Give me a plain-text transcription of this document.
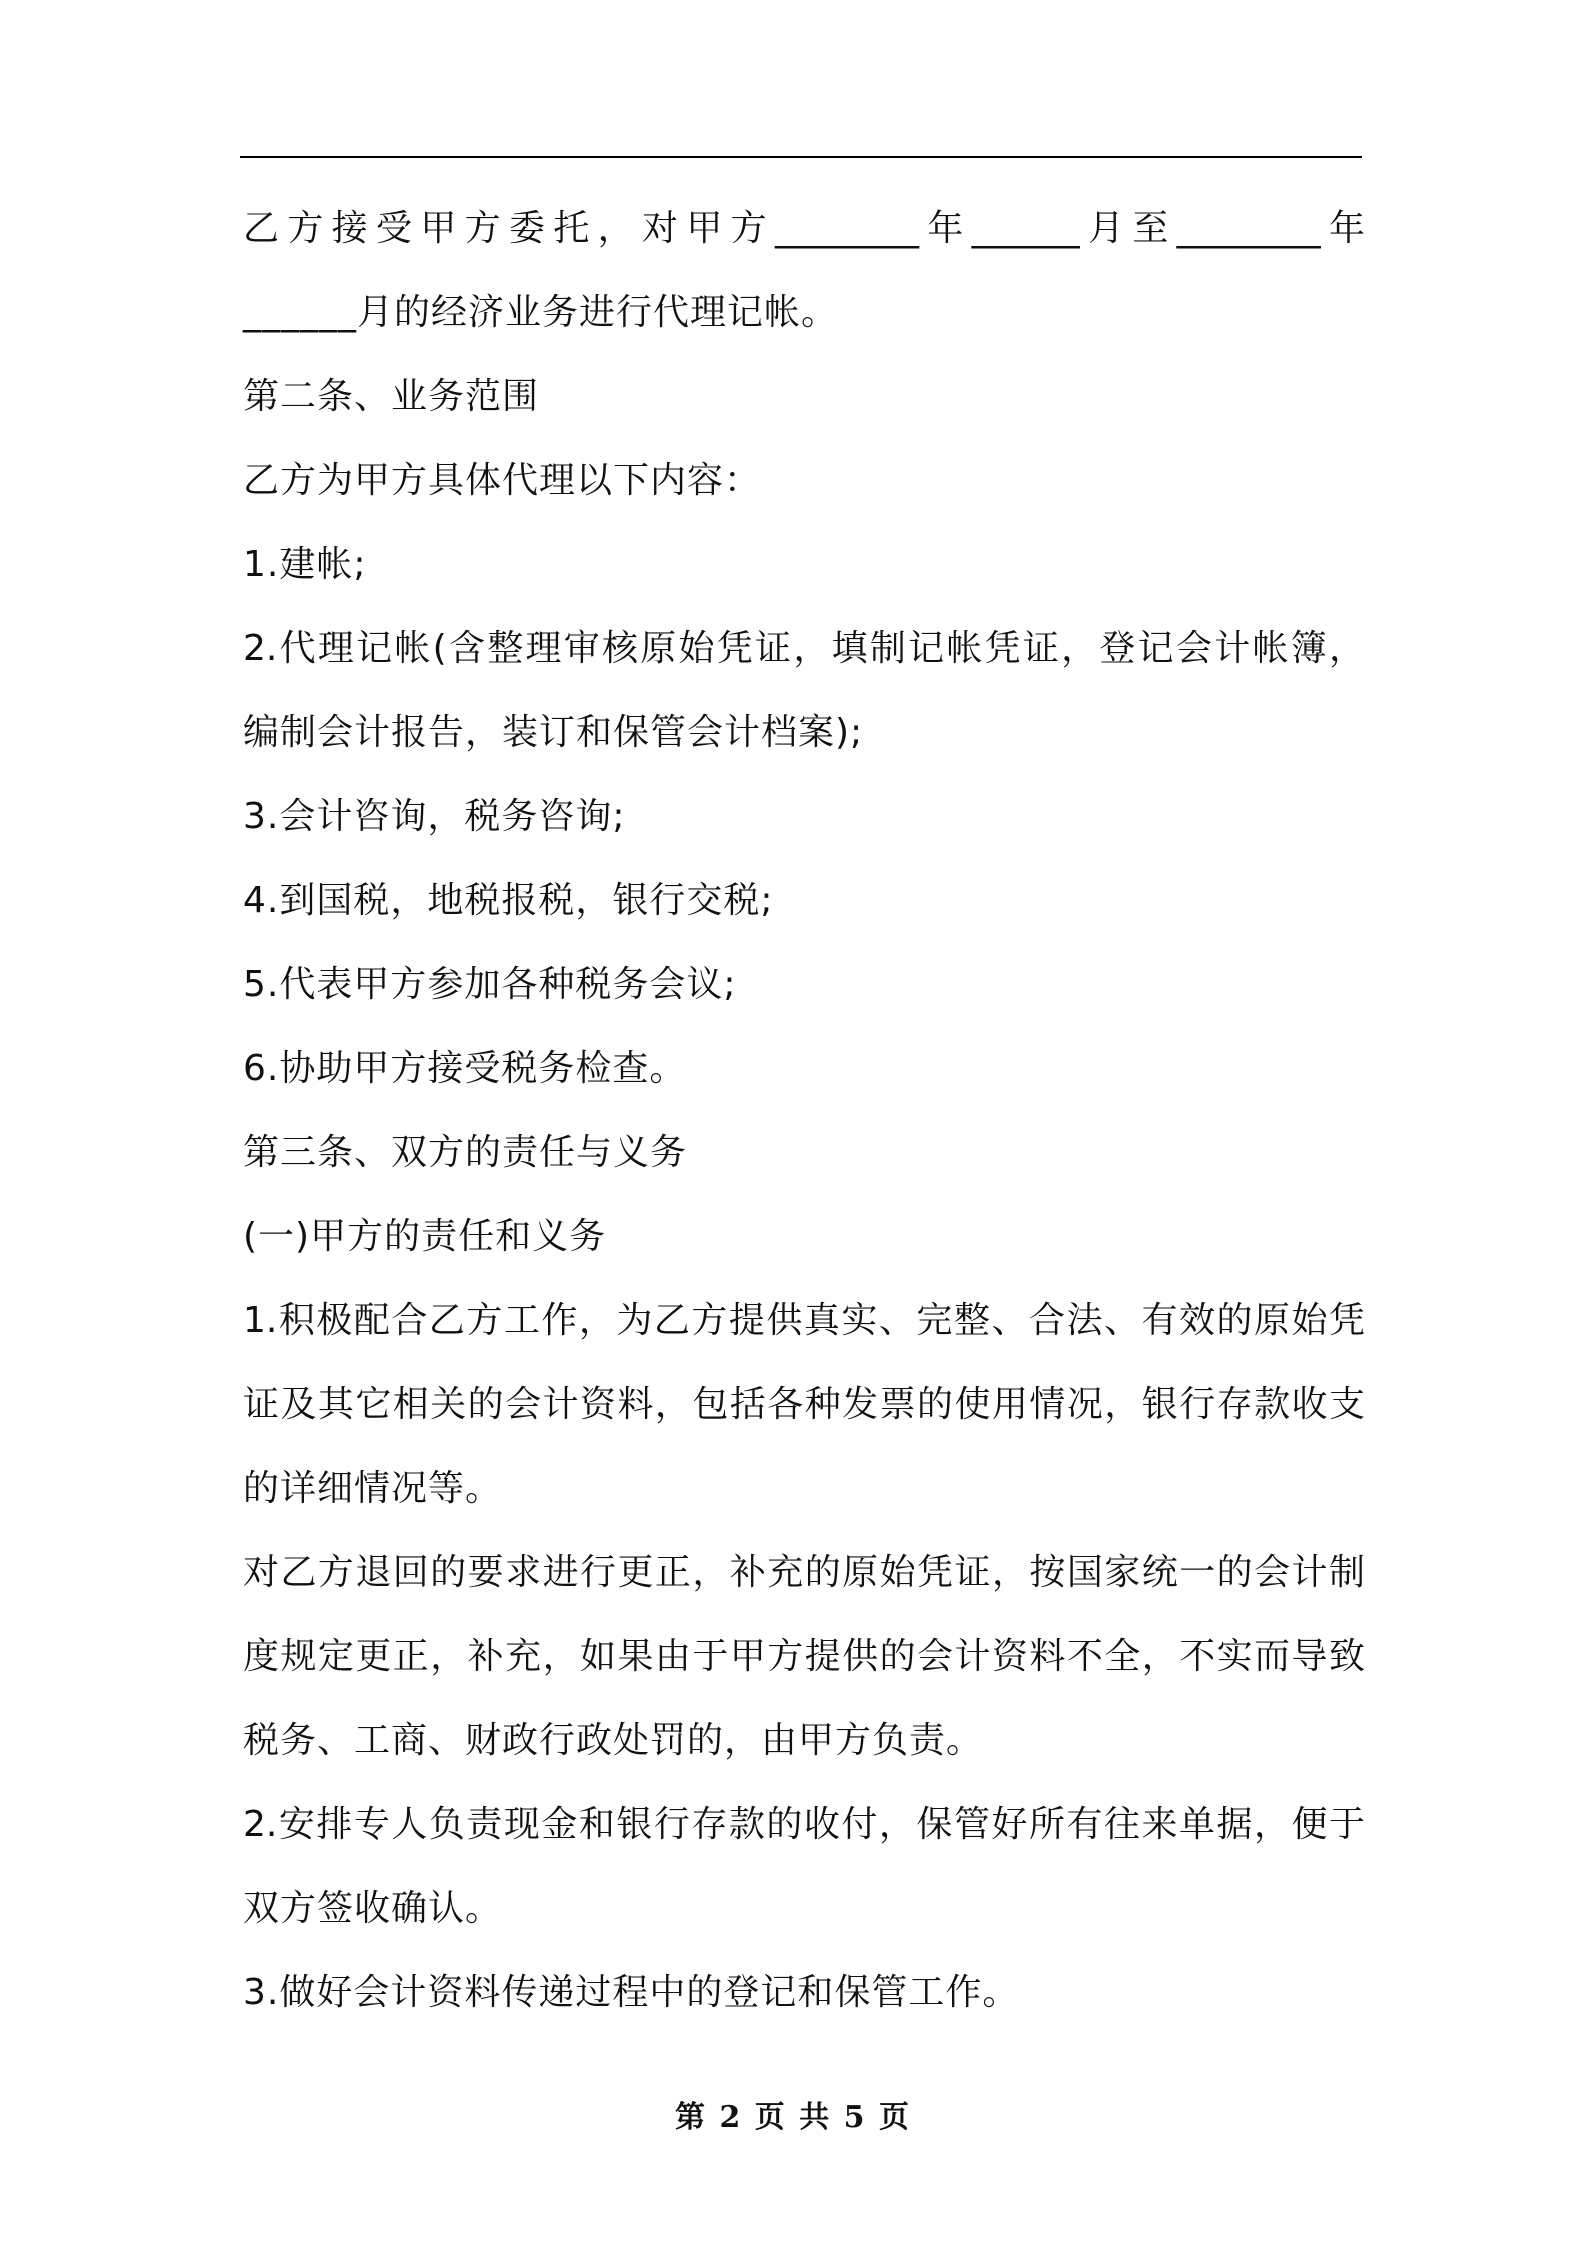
乙方接受甲方委托，对甲方________年______月至________年
______月的经济业务进行代理记帐。
第二条、业务范围
乙方为甲方具体代理以下内容：
1.建帐;
2.代理记帐(含整理审核原始凭证，填制记帐凭证，登记会计帐簿，
编制会计报告，装订和保管会计档案);
3.会计咨询，税务咨询;
4.到国税，地税报税，银行交税;
5.代表甲方参加各种税务会议;
6.协助甲方接受税务检查。
第三条、双方的责任与义务
(一)甲方的责任和义务
1.积极配合乙方工作，为乙方提供真实、完整、合法、有效的原始凭
证及其它相关的会计资料，包括各种发票的使用情况，银行存款收支
的详细情况等。
对乙方退回的要求进行更正，补充的原始凭证，按国家统一的会计制
度规定更正，补充，如果由于甲方提供的会计资料不全，不实而导致
税务、工商、财政行政处罚的，由甲方负责。
2.安排专人负责现金和银行存款的收付，保管好所有往来单据，便于
双方签收确认。
3.做好会计资料传递过程中的登记和保管工作。
第 2 页 共 5 页
